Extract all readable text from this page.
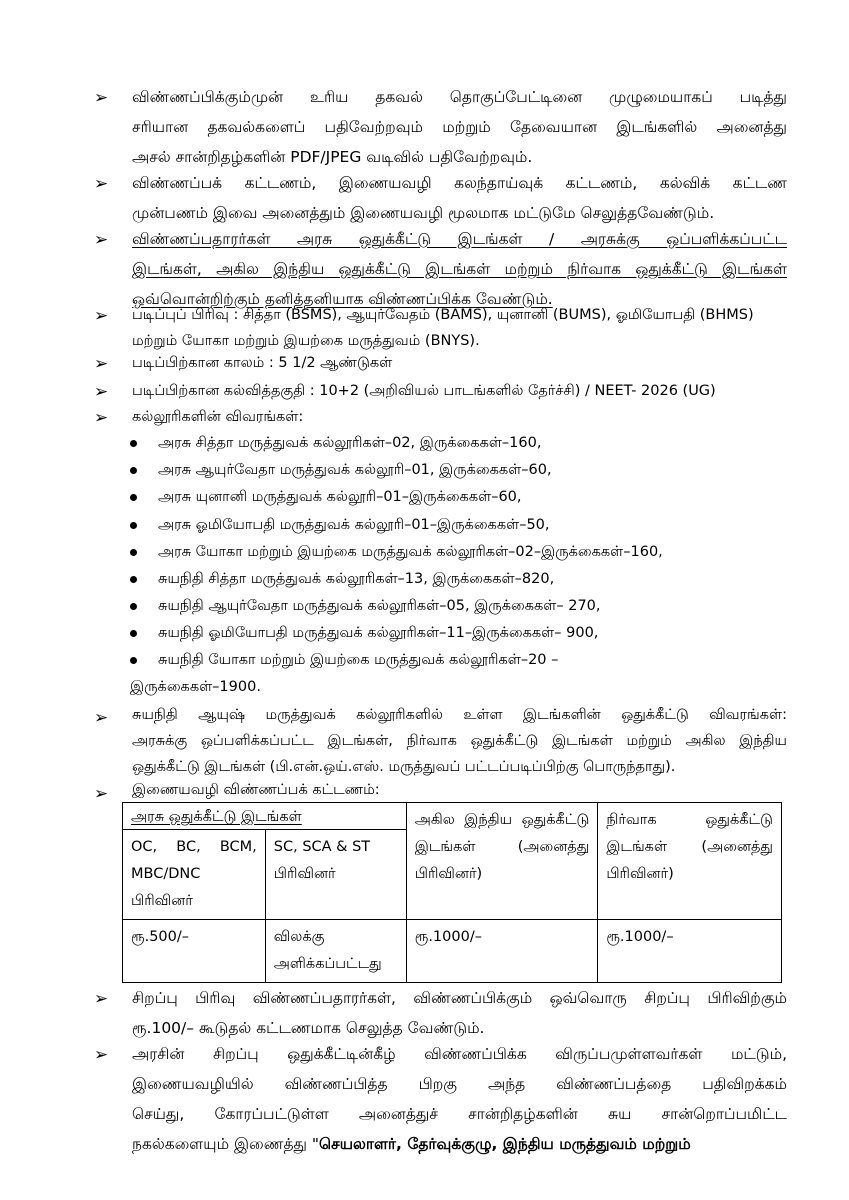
➢ விண்ணப்பிக்கும்முன் உரிய தகவல் தொகுப்பேட்டினை முழுமையாகப் படித்து
சரியான தகவல்களைப் பதிவேற்றவும் மற்றும் தேவையான இடங்களில் அனைத்து
அசல் சான்றிதழ்களின் PDF/JPEG வடிவில் பதிவேற்றவும்.
➢ விண்ணப்பக் கட்டணம், இணையவழி கலந்தாய்வுக் கட்டணம், கல்விக் கட்டண
முன்பணம் இவை அனைத்தும் இணையவழி மூலமாக மட்டுமே செலுத்தவேண்டும்.
➢ விண்ணப்பதாரர்கள் அரசு ஒதுக்கீட்டு இடங்கள் / அரசுக்கு ஒப்பளிக்கப்பட்ட
இடங்கள், அகில இந்திய ஒதுக்கீட்டு இடங்கள் மற்றும் நிர்வாக ஒதுக்கீட்டு இடங்கள்
ஒவ்வொன்றிற்கும் தனித்தனியாக விண்ணப்பிக்க வேண்டும்.
➢ படிப்புப் பிரிவு : சித்தா (BSMS), ஆயுர்வேதம் (BAMS), யுனானி (BUMS), ஓமியோபதி (BHMS)
மற்றும் யோகா மற்றும் இயற்கை மருத்துவம் (BNYS).
➢ படிப்பிற்கான காலம் : 5 1/2 ஆண்டுகள்
➢ படிப்பிற்கான கல்வித்தகுதி : 10+2 (அறிவியல் பாடங்களில் தேர்ச்சி) / NEET- 2026 (UG)
➢ கல்லூரிகளின் விவரங்கள்:
அரசு சித்தா மருத்துவக் கல்லூரிகள்–02, இருக்கைகள்–160,
அரசு ஆயுர்வேதா மருத்துவக் கல்லூரி–01, இருக்கைகள்–60,
அரசு யுனானி மருத்துவக் கல்லூரி–01–இருக்கைகள்–60,
அரசு ஓமியோபதி மருத்துவக் கல்லூரி–01–இருக்கைகள்–50,
அரசு யோகா மற்றும் இயற்கை மருத்துவக் கல்லூரிகள்–02–இருக்கைகள்–160,
சுயநிதி சித்தா மருத்துவக் கல்லூரிகள்–13, இருக்கைகள்–820,
சுயநிதி ஆயுர்வேதா மருத்துவக் கல்லூரிகள்–05, இருக்கைகள்– 270,
சுயநிதி ஓமியோபதி மருத்துவக் கல்லூரிகள்–11–இருக்கைகள்– 900,
சுயநிதி யோகா மற்றும் இயற்கை மருத்துவக் கல்லூரிகள்–20 –
இருக்கைகள்–1900.
➢ சுயநிதி ஆயுஷ் மருத்துவக் கல்லூரிகளில் உள்ள இடங்களின் ஒதுக்கீட்டு விவரங்கள்:
அரசுக்கு ஒப்பளிக்கப்பட்ட இடங்கள், நிர்வாக ஒதுக்கீட்டு இடங்கள் மற்றும் அகில இந்திய
ஒதுக்கீட்டு இடங்கள் (பி.என்.ஒய்.எஸ். மருத்துவப் பட்டப்படிப்பிற்கு பொருந்தாது).
➢ இணையவழி விண்ணப்பக் கட்டணம்:
அரசு ஒதுக்கீட்டு இடங்கள்		அகில இந்திய ஒதுக்கீட்டு இடங்கள் (அனைத்து பிரிவினர்)	நிர்வாக ஒதுக்கீட்டு இடங்கள் (அனைத்து பிரிவினர்)
OC, BC, BCM, MBC/DNC பிரிவினர்	SC, SCA & ST பிரிவினர்		
ரூ.500/–	விலக்கு அளிக்கப்பட்டது	ரூ.1000/–	ரூ.1000/–
➢ சிறப்பு பிரிவு விண்ணப்பதாரர்கள், விண்ணப்பிக்கும் ஒவ்வொரு சிறப்பு பிரிவிற்கும்
ரூ.100/– கூடுதல் கட்டணமாக செலுத்த வேண்டும்.
➢ அரசின் சிறப்பு ஒதுக்கீட்டின்கீழ் விண்ணப்பிக்க விருப்பமுள்ளவர்கள் மட்டும்,
இணையவழியில் விண்ணப்பித்த பிறகு அந்த விண்ணப்பத்தை பதிவிறக்கம்
செய்து, கோரப்பட்டுள்ள அனைத்துச் சான்றிதழ்களின் சுய சான்றொப்பமிட்ட
நகல்களையும் இணைத்து "செயலாளர், தேர்வுக்குழு, இந்திய மருத்துவம் மற்றும்
